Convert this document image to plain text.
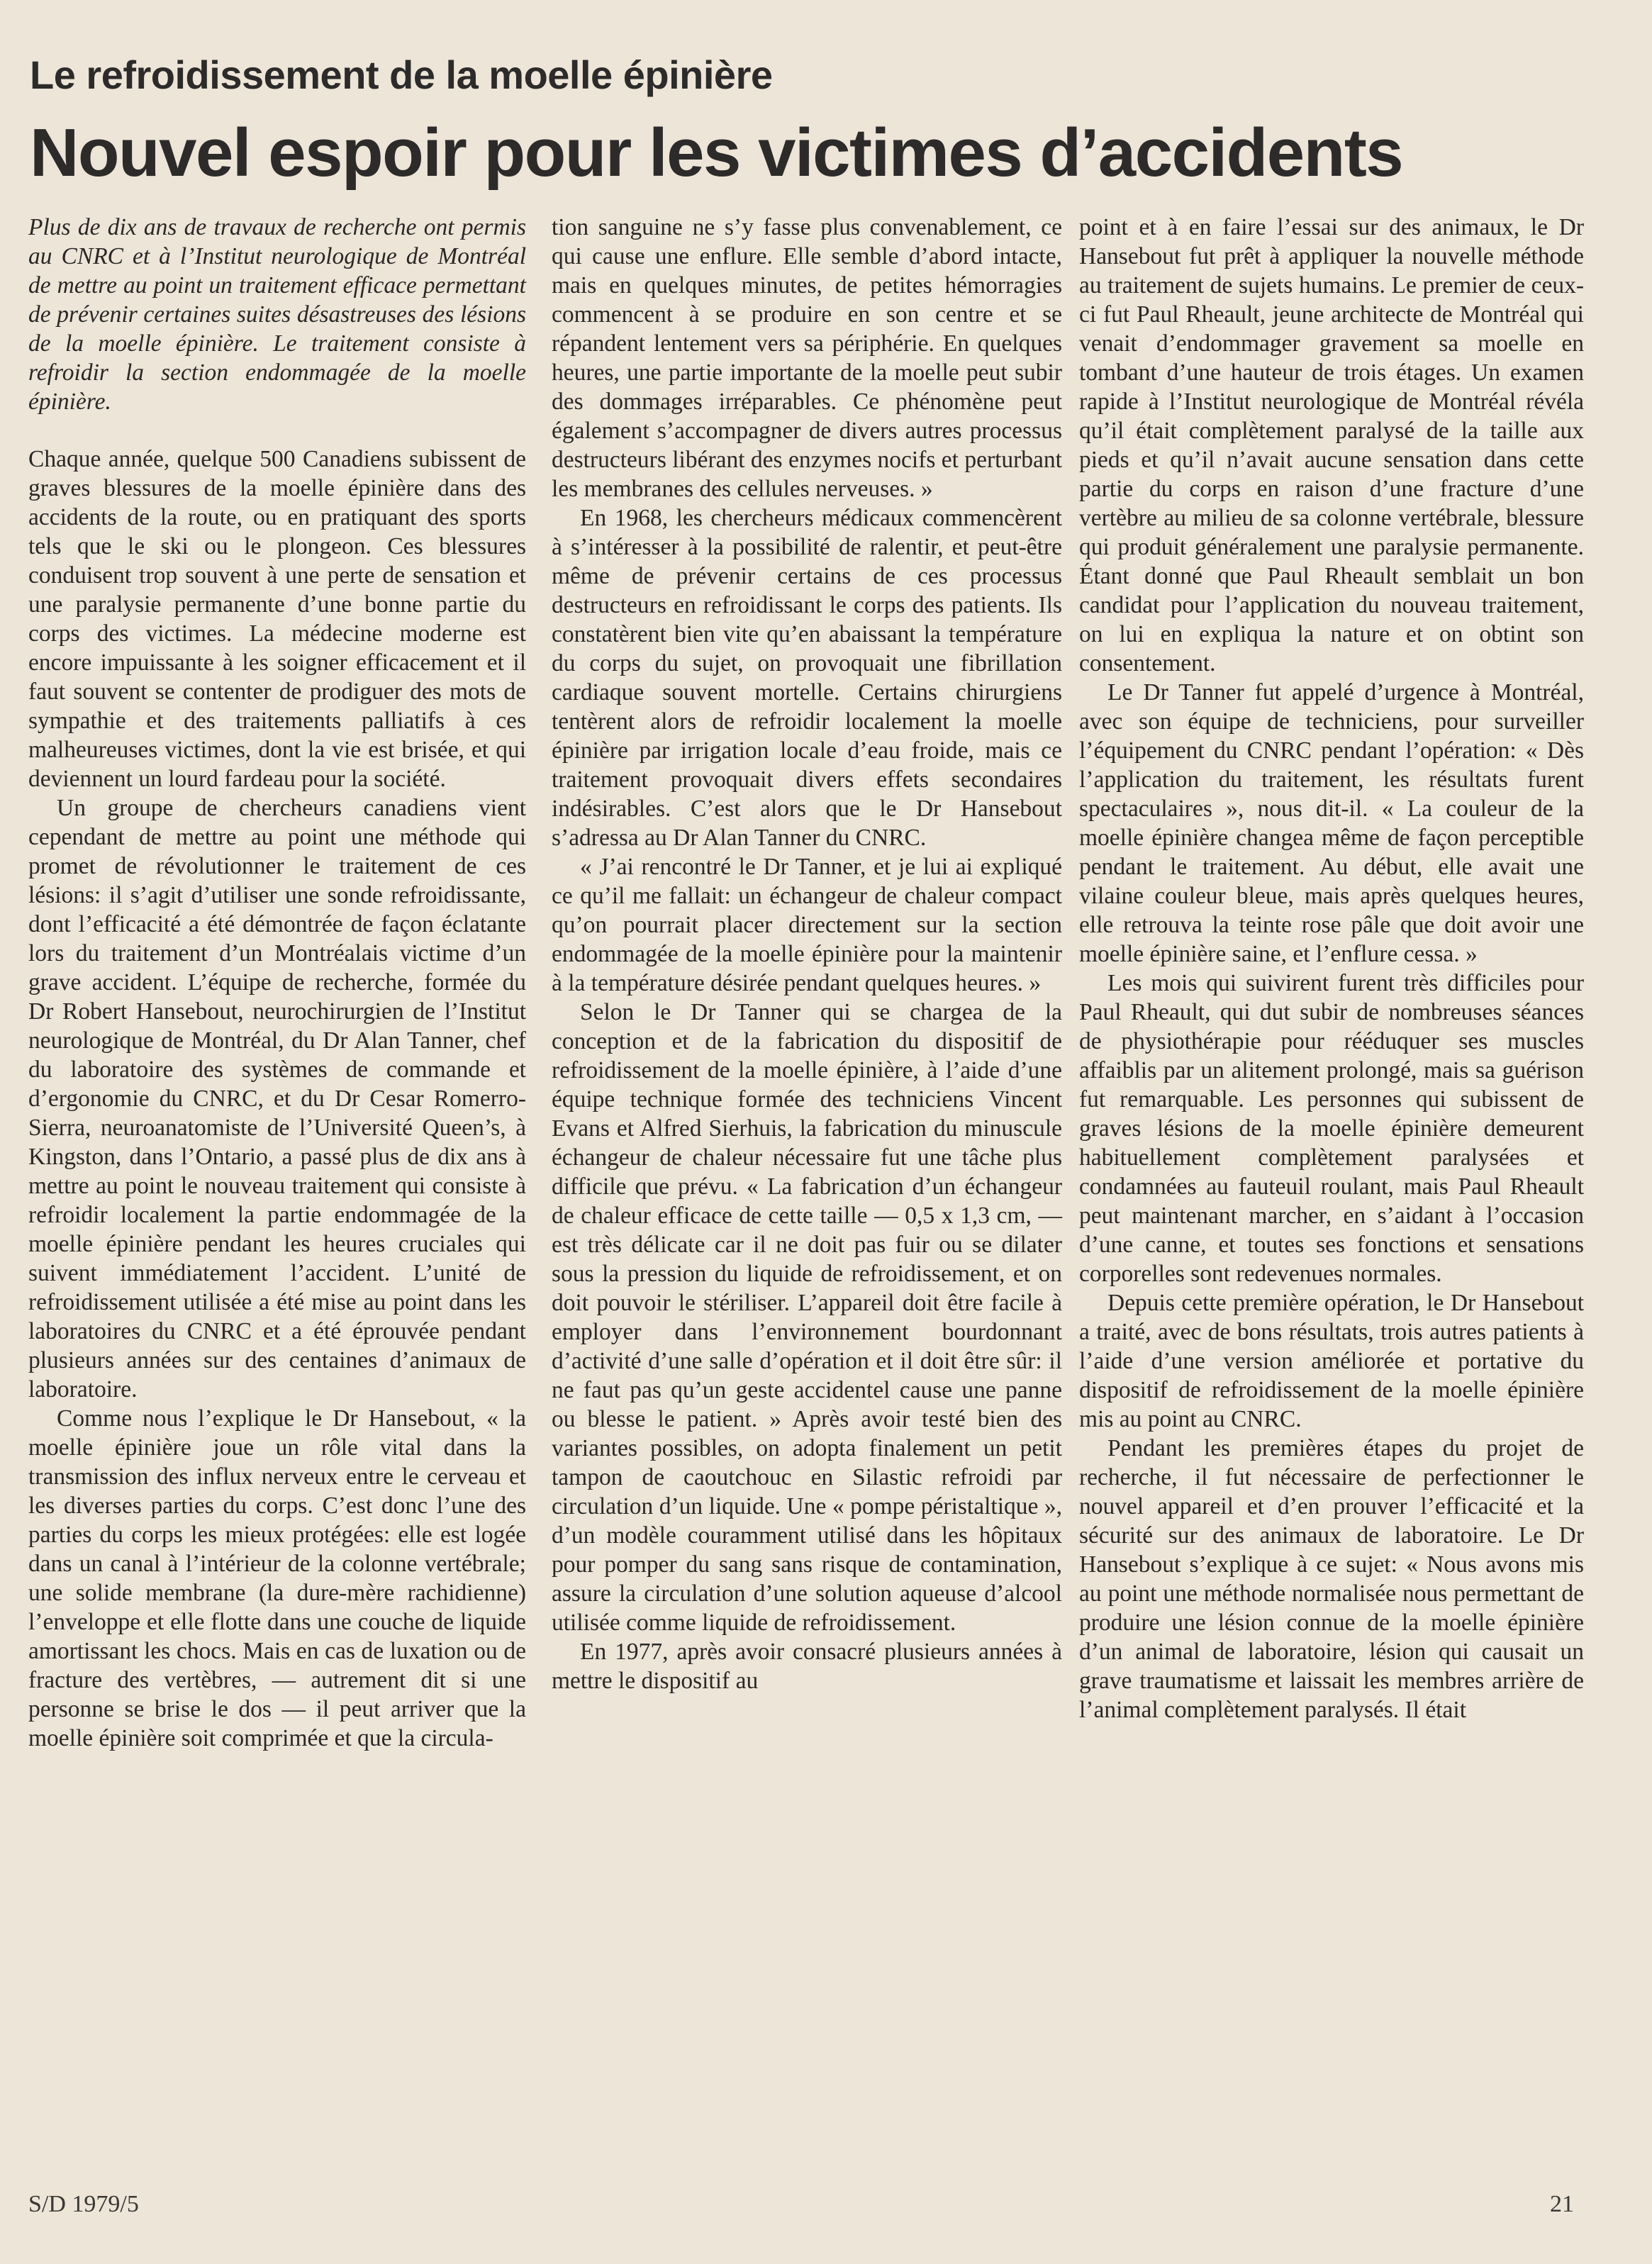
Le refroidissement de la moelle épinière
Nouvel espoir pour les victimes d’accidents

Plus de dix ans de travaux de recherche ont permis au CNRC et à l’Institut neurologique de Montréal de mettre au point un traitement efficace permettant de prévenir certaines suites désastreuses des lésions de la moelle épinière. Le traitement consiste à refroidir la section endommagée de la moelle épinière.

Chaque année, quelque 500 Canadiens subissent de graves blessures de la moelle épinière dans des accidents de la route, ou en pratiquant des sports tels que le ski ou le plongeon. Ces blessures conduisent trop souvent à une perte de sensation et une paralysie permanente d’une bonne partie du corps des victimes. La médecine moderne est encore impuissante à les soigner efficacement et il faut souvent se contenter de prodiguer des mots de sympathie et des traitements palliatifs à ces malheureuses victimes, dont la vie est brisée, et qui deviennent un lourd fardeau pour la société.

Un groupe de chercheurs canadiens vient cependant de mettre au point une méthode qui promet de révolutionner le traitement de ces lésions: il s’agit d’utiliser une sonde refroidissante, dont l’efficacité a été démontrée de façon éclatante lors du traitement d’un Montréalais victime d’un grave accident. L’équipe de recherche, formée du Dr Robert Hansebout, neurochirurgien de l’Institut neurologique de Montréal, du Dr Alan Tanner, chef du laboratoire des systèmes de commande et d’ergonomie du CNRC, et du Dr Cesar Romerro-Sierra, neuroanatomiste de l’Université Queen’s, à Kingston, dans l’Ontario, a passé plus de dix ans à mettre au point le nouveau traitement qui consiste à refroidir localement la partie endommagée de la moelle épinière pendant les heures cruciales qui suivent immédiatement l’accident. L’unité de refroidissement utilisée a été mise au point dans les laboratoires du CNRC et a été éprouvée pendant plusieurs années sur des centaines d’animaux de laboratoire.

Comme nous l’explique le Dr Hansebout, « la moelle épinière joue un rôle vital dans la transmission des influx nerveux entre le cerveau et les diverses parties du corps. C’est donc l’une des parties du corps les mieux protégées: elle est logée dans un canal à l’intérieur de la colonne vertébrale; une solide membrane (la dure-mère rachidienne) l’enveloppe et elle flotte dans une couche de liquide amortissant les chocs. Mais en cas de luxation ou de fracture des vertèbres, — autrement dit si une personne se brise le dos — il peut arriver que la moelle épinière soit comprimée et que la circula-

tion sanguine ne s’y fasse plus convenablement, ce qui cause une enflure. Elle semble d’abord intacte, mais en quelques minutes, de petites hémorragies commencent à se produire en son centre et se répandent lentement vers sa périphérie. En quelques heures, une partie importante de la moelle peut subir des dommages irréparables. Ce phénomène peut également s’accompagner de divers autres processus destructeurs libérant des enzymes nocifs et perturbant les membranes des cellules nerveuses. »

En 1968, les chercheurs médicaux commencèrent à s’intéresser à la possibilité de ralentir, et peut-être même de prévenir certains de ces processus destructeurs en refroidissant le corps des patients. Ils constatèrent bien vite qu’en abaissant la température du corps du sujet, on provoquait une fibrillation cardiaque souvent mortelle. Certains chirurgiens tentèrent alors de refroidir localement la moelle épinière par irrigation locale d’eau froide, mais ce traitement provoquait divers effets secondaires indésirables. C’est alors que le Dr Hansebout s’adressa au Dr Alan Tanner du CNRC.

« J’ai rencontré le Dr Tanner, et je lui ai expliqué ce qu’il me fallait: un échangeur de chaleur compact qu’on pourrait placer directement sur la section endommagée de la moelle épinière pour la maintenir à la température désirée pendant quelques heures. »

Selon le Dr Tanner qui se chargea de la conception et de la fabrication du dispositif de refroidissement de la moelle épinière, à l’aide d’une équipe technique formée des techniciens Vincent Evans et Alfred Sierhuis, la fabrication du minuscule échangeur de chaleur nécessaire fut une tâche plus difficile que prévu. « La fabrication d’un échangeur de chaleur efficace de cette taille — 0,5 x 1,3 cm, — est très délicate car il ne doit pas fuir ou se dilater sous la pression du liquide de refroidissement, et on doit pouvoir le stériliser. L’appareil doit être facile à employer dans l’environnement bourdonnant d’activité d’une salle d’opération et il doit être sûr: il ne faut pas qu’un geste accidentel cause une panne ou blesse le patient. » Après avoir testé bien des variantes possibles, on adopta finalement un petit tampon de caoutchouc en Silastic refroidi par circulation d’un liquide. Une « pompe péristaltique », d’un modèle couramment utilisé dans les hôpitaux pour pomper du sang sans risque de contamination, assure la circulation d’une solution aqueuse d’alcool utilisée comme liquide de refroidissement.

En 1977, après avoir consacré plusieurs années à mettre le dispositif au

point et à en faire l’essai sur des animaux, le Dr Hansebout fut prêt à appliquer la nouvelle méthode au traitement de sujets humains. Le premier de ceux-ci fut Paul Rheault, jeune architecte de Montréal qui venait d’endommager gravement sa moelle en tombant d’une hauteur de trois étages. Un examen rapide à l’Institut neurologique de Montréal révéla qu’il était complètement paralysé de la taille aux pieds et qu’il n’avait aucune sensation dans cette partie du corps en raison d’une fracture d’une vertèbre au milieu de sa colonne vertébrale, blessure qui produit généralement une paralysie permanente. Étant donné que Paul Rheault semblait un bon candidat pour l’application du nouveau traitement, on lui en expliqua la nature et on obtint son consentement.

Le Dr Tanner fut appelé d’urgence à Montréal, avec son équipe de techniciens, pour surveiller l’équipement du CNRC pendant l’opération: « Dès l’application du traitement, les résultats furent spectaculaires », nous dit-il. « La couleur de la moelle épinière changea même de façon perceptible pendant le traitement. Au début, elle avait une vilaine couleur bleue, mais après quelques heures, elle retrouva la teinte rose pâle que doit avoir une moelle épinière saine, et l’enflure cessa. »

Les mois qui suivirent furent très difficiles pour Paul Rheault, qui dut subir de nombreuses séances de physiothérapie pour rééduquer ses muscles affaiblis par un alitement prolongé, mais sa guérison fut remarquable. Les personnes qui subissent de graves lésions de la moelle épinière demeurent habituellement complètement paralysées et condamnées au fauteuil roulant, mais Paul Rheault peut maintenant marcher, en s’aidant à l’occasion d’une canne, et toutes ses fonctions et sensations corporelles sont redevenues normales.

Depuis cette première opération, le Dr Hansebout a traité, avec de bons résultats, trois autres patients à l’aide d’une version améliorée et portative du dispositif de refroidissement de la moelle épinière mis au point au CNRC.

Pendant les premières étapes du projet de recherche, il fut nécessaire de perfectionner le nouvel appareil et d’en prouver l’efficacité et la sécurité sur des animaux de laboratoire. Le Dr Hansebout s’explique à ce sujet: « Nous avons mis au point une méthode normalisée nous permettant de produire une lésion connue de la moelle épinière d’un animal de laboratoire, lésion qui causait un grave traumatisme et laissait les membres arrière de l’animal complètement paralysés. Il était

S/D 1979/5	21
